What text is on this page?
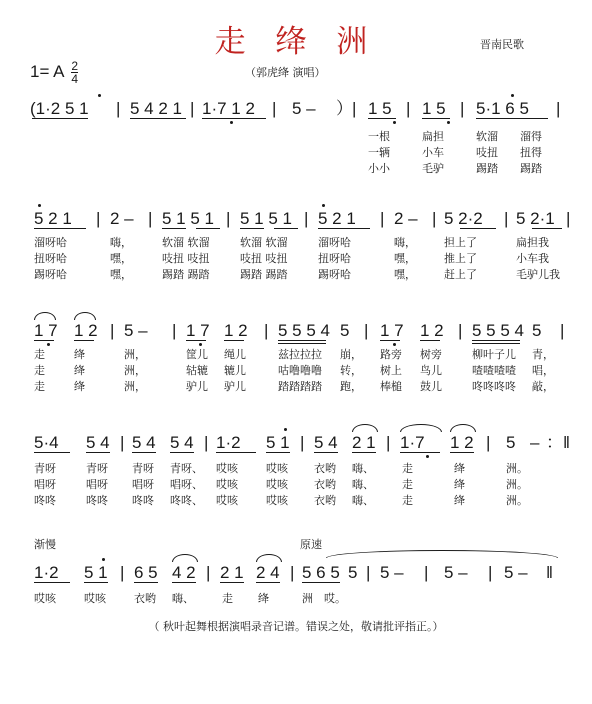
走 绛 洲	晋南民歌
1= A $\frac{2}{4}$	（郭虎绛 演唱）
(1·2 5 1 | 5 4 2 1 | 1·7 1 2 | 5 – ） | 1 5 | 1 5 | 5·1 6 5 |
一根	扁担	软溜 溜得
一辆	小车	吱扭 扭得
小小	毛驴	踢踏 踢踏
5 2 1 | 2 – | 5 1 5 1 | 5 1 5 1 | 5 2 1 | 2 – | 5 2·2 | 5 2·1 |
溜呀哈	嗨，	软溜 软溜	软溜 软溜	溜呀哈	嗨，	担上了	扁担我
扭呀哈	嘿，	吱扭 吱扭	吱扭 吱扭	扭呀哈	嘿，	推上了	小车我
踢呀哈	嘿，	踢踏 踢踏	踢踏 踢踏	踢呀哈	嘿，	赶上了	毛驴儿我
1 7 1 2 | 5 – | 1 7 1 2 | 5 5 5 4 5 | 1 7 1 2 | 5 5 5 4 5 |
走	绛	洲，	筐儿 绳儿	兹拉拉拉 崩， 路旁 树旁	柳叶子儿 青，
走	绛	洲，	轱辘 辘儿	咕噜噜噜 转， 树上 鸟儿	喳喳喳喳 唱，
走	绛	洲，	驴儿 驴儿	踏踏踏踏 跑， 棒槌 鼓儿	咚咚咚咚 敲，
5·4 5 4 | 5 4 5 4 | 1·2 5 1 | 5 4 2 1 | 1·7 1 2 | 5 – ：‖
青呀	青呀 青呀 青呀、 哎咳	哎咳 衣哟 嗨、	走	绛	洲。
唱呀	唱呀 唱呀 唱呀、 哎咳	哎咳 衣哟 嗨、	走	绛	洲。
咚咚	咚咚 咚咚 咚咚、 哎咳	哎咳 衣哟 嗨、	走	绛	洲。
渐慢	原速
1·2 5 1 | 6 5 4 2 | 2 1 2 4 | 5 6 5 5 | 5 – | 5 – | 5 – ‖
哎咳	哎咳	衣哟 嗨、	走 绛	洲 哎。
（ 秋叶起舞根据演唱录音记谱。错误之处，敬请批评指正。）
